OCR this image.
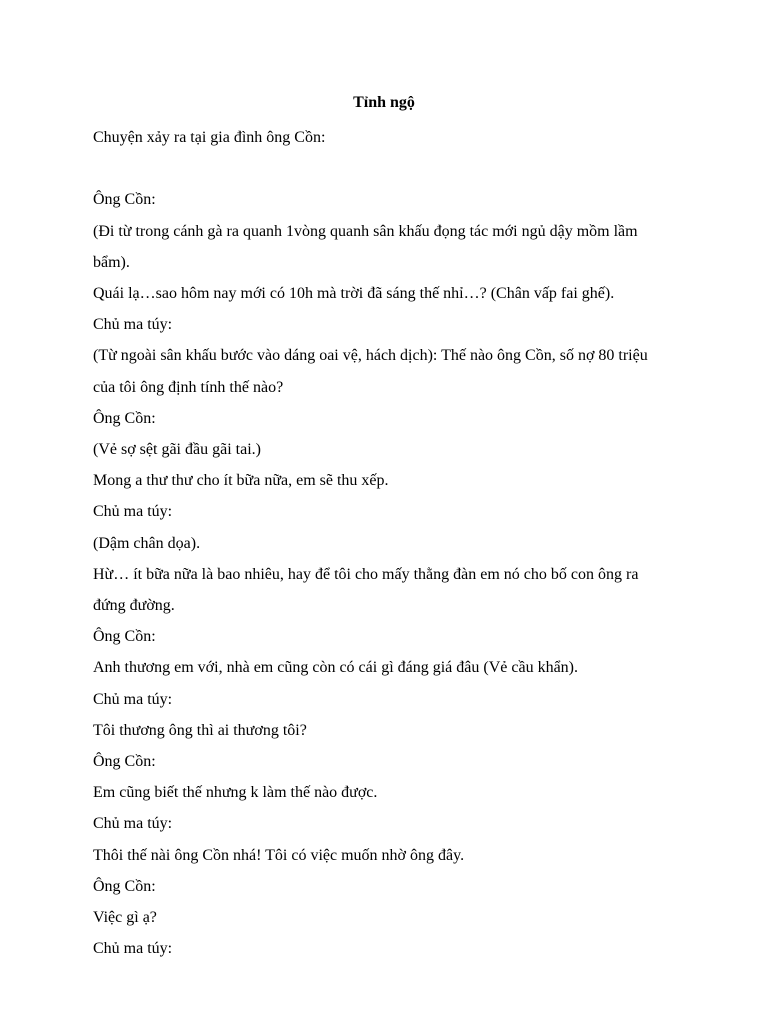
Tỉnh ngộ

Chuyện xảy ra tại gia đình ông Cồn:

Ông Cồn:

(Đi từ trong cánh gà ra quanh 1vòng quanh sân khấu đọng tác mới ngủ dậy mồm lầm bẩm).

Quái lạ…sao hôm nay mới có 10h mà trời đã sáng thế nhỉ…? (Chân vấp fai ghế).

Chủ ma túy:

(Từ ngoài sân khấu bước vào dáng oai vệ, hách dịch): Thế nào ông Cồn, số nợ 80 triệu của tôi ông định tính thế nào?

Ông Cồn:

(Vẻ sợ sệt gãi đầu gãi tai.)

Mong a thư thư cho ít bữa nữa, em sẽ thu xếp.

Chủ ma túy:

(Dậm chân dọa).

Hừ… ít bữa nữa là bao nhiêu, hay để tôi cho mấy thằng đàn em nó cho bố con ông ra đứng đường.

Ông Cồn:

Anh thương em với, nhà em cũng còn có cái gì đáng giá đâu (Vẻ cầu khẩn).

Chủ ma túy:

Tôi thương ông thì ai thương tôi?

Ông Cồn:

Em cũng biết thế nhưng k làm thế nào được.

Chủ ma túy:

Thôi thế nài ông Cồn nhá! Tôi có việc muốn nhờ ông đây.

Ông Cồn:

Việc gì ạ?

Chủ ma túy:
